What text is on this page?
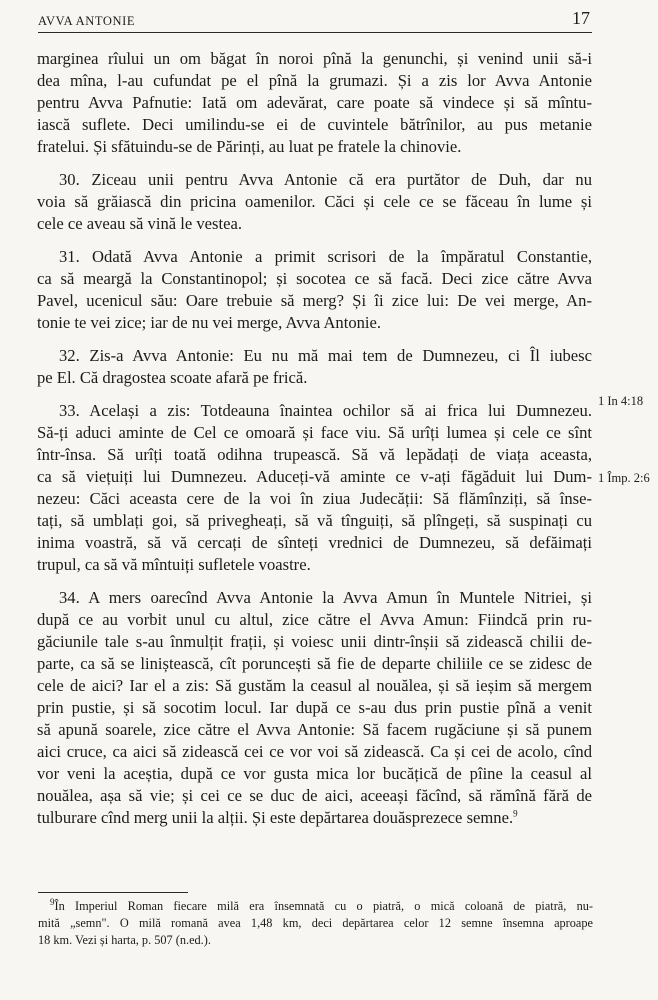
AVVA ANTONIE	17

marginea rîului un om băgat în noroi pînă la genunchi, și venind unii să-i
dea mîna, l-au cufundat pe el pînă la grumazi. Și a zis lor Avva Antonie
pentru Avva Pafnutie: Iată om adevărat, care poate să vindece și să mîntu-
iască suflete. Deci umilindu-se ei de cuvintele bătrînilor, au pus metanie
fratelui. Și sfătuindu-se de Părinți, au luat pe fratele la chinovie.

30. Ziceau unii pentru Avva Antonie că era purtător de Duh, dar nu
voia să grăiască din pricina oamenilor. Căci și cele ce se făceau în lume și
cele ce aveau să vină le vestea.

31. Odată Avva Antonie a primit scrisori de la împăratul Constantie,
ca să meargă la Constantinopol; și socotea ce să facă. Deci zice către Avva
Pavel, ucenicul său: Oare trebuie să merg? Și îi zice lui: De vei merge, An-
tonie te vei zice; iar de nu vei merge, Avva Antonie.

32. Zis-a Avva Antonie: Eu nu mă mai tem de Dumnezeu, ci Îl iubesc
pe El. Că dragostea scoate afară pe frică.

33. Același a zis: Totdeauna înaintea ochilor să ai frica lui Dumnezeu.
Să-ți aduci aminte de Cel ce omoară și face viu. Să urîți lumea și cele ce sînt
într-însa. Să urîți toată odihna trupească. Să vă lepădați de viața aceasta,
ca să viețuiți lui Dumnezeu. Aduceți-vă aminte ce v-ați făgăduit lui Dum-
nezeu: Căci aceasta cere de la voi în ziua Judecății: Să flămînziți, să înse-
tați, să umblați goi, să privegheați, să vă tînguiți, să plîngeți, să suspinați cu
inima voastră, să vă cercați de sînteți vrednici de Dumnezeu, să defăimați
trupul, ca să vă mîntuiți sufletele voastre.

34. A mers oarecînd Avva Antonie la Avva Amun în Muntele Nitriei, și
după ce au vorbit unul cu altul, zice către el Avva Amun: Fiindcă prin ru-
găciunile tale s-au înmulțit frații, și voiesc unii dintr-înșii să zidească chilii de-
parte, ca să se liniștească, cît poruncești să fie de departe chiliile ce se zidesc de
cele de aici? Iar el a zis: Să gustăm la ceasul al nouălea, și să ieșim să mergem
prin pustie, și să socotim locul. Iar după ce s-au dus prin pustie pînă a venit
să apună soarele, zice către el Avva Antonie: Să facem rugăciune și să punem
aici cruce, ca aici să zidească cei ce vor voi să zidească. Ca și cei de acolo, cînd
vor veni la aceștia, după ce vor gusta mica lor bucățică de pîine la ceasul al
nouălea, așa să vie; și cei ce se duc de aici, aceeași făcînd, să rămînă fără de
tulburare cînd merg unii la alții. Și este depărtarea douăsprezece semne.$^9$

1 In 4:18
1 Împ. 2:6
$^9$În Imperiul Roman fiecare milă era însemnată cu o piatră, o mică coloană de piatră, nu-
mită „semn". O milă romană avea 1,48 km, deci depărtarea celor 12 semne însemna aproape
18 km. Vezi și harta, p. 507 (n.ed.).
